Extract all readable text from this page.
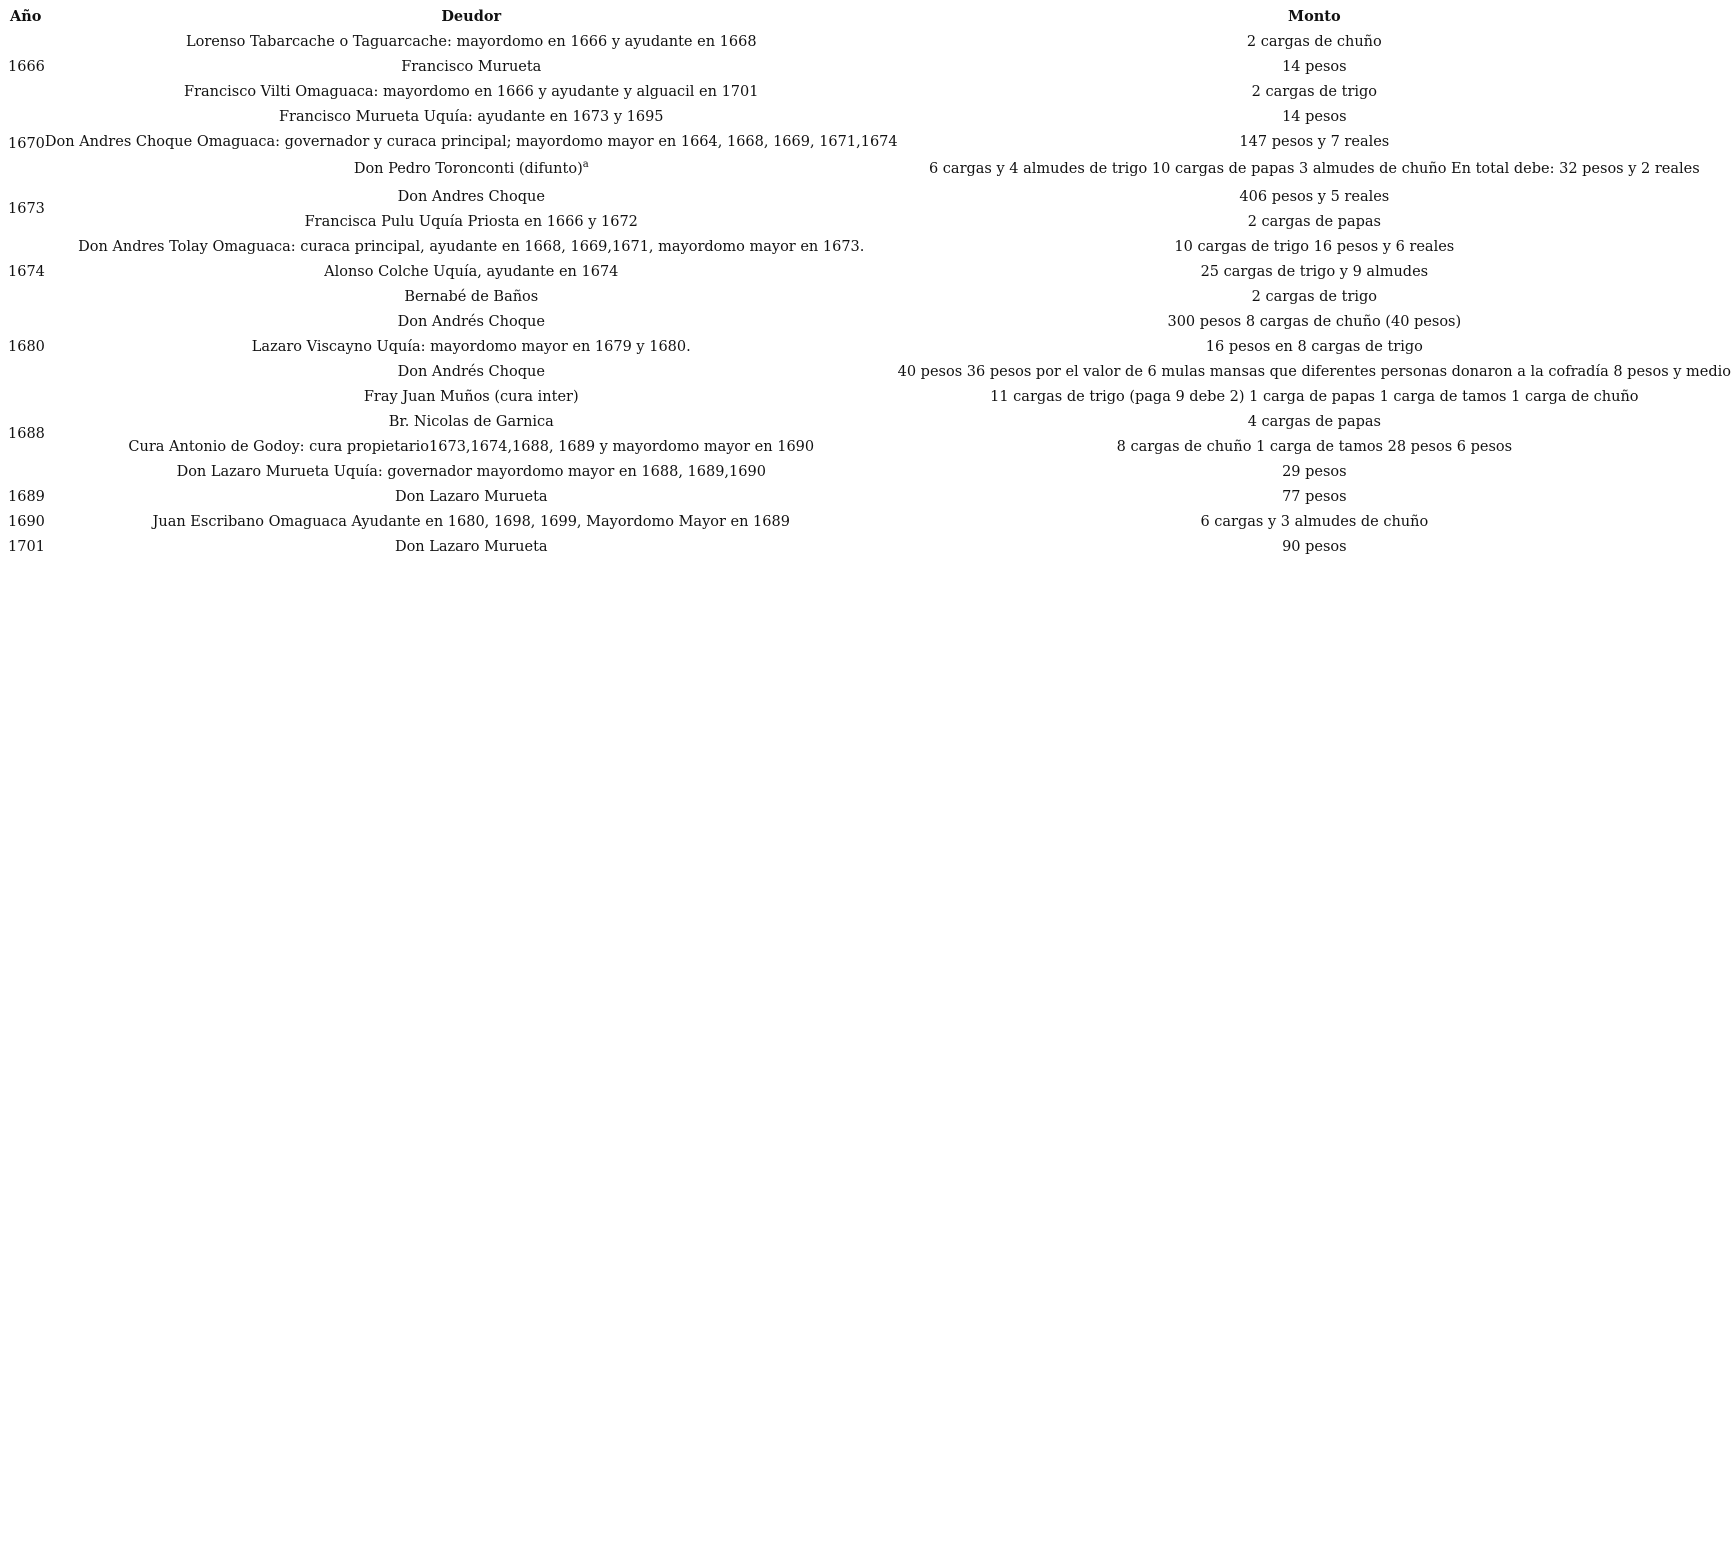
Año	Deudor	Monto
1666	Lorenso Tabarcache o Taguarcache: mayordomo en 1666 y ayudante en 1668	2 cargas de chuño
	Francisco Murueta	14 pesos
	Francisco Vilti Omaguaca: mayordomo en 1666 y ayudante y alguacil en 1701	2 cargas de trigo
1670	Francisco Murueta Uquía: ayudante en 1673 y 1695	14 pesos
	Don Andres Choque Omaguaca: governador y curaca principal; mayordomo mayor en 1664, 1668, 1669, 1671,1674	147 pesos y 7 reales
	Don Pedro Toronconti (difunto)$^a$	6 cargas y 4 almudes de trigo 10 cargas de papas 3 almudes de chuño En total debe: 32 pesos y 2 reales
1673	Don Andres Choque	406 pesos y 5 reales
	Francisca Pulu Uquía Priosta en 1666 y 1672	2 cargas de papas
1674	Don Andres Tolay Omaguaca: curaca principal, ayudante en 1668, 1669,1671, mayordomo mayor en 1673.	10 cargas de trigo 16 pesos y 6 reales
	Alonso Colche Uquía, ayudante en 1674	25 cargas de trigo y 9 almudes
	Bernabé de Baños	2 cargas de trigo
1680	Don Andrés Choque	300 pesos 8 cargas de chuño (40 pesos)
	Lazaro Viscayno Uquía: mayordomo mayor en 1679 y 1680.	16 pesos en 8 cargas de trigo
	Don Andrés Choque	40 pesos 36 pesos por el valor de 6 mulas mansas que diferentes personas donaron a la cofradía 8 pesos y medio
1688	Fray Juan Muños (cura inter)	11 cargas de trigo (paga 9 debe 2) 1 carga de papas 1 carga de tamos 1 carga de chuño
	Br. Nicolas de Garnica	4 cargas de papas
	Cura Antonio de Godoy: cura propietario1673,1674,1688, 1689 y mayordomo mayor en 1690	8 cargas de chuño 1 carga de tamos 28 pesos 6 pesos
	Don Lazaro Murueta Uquía: governador mayordomo mayor en 1688, 1689,1690	29 pesos
1689	Don Lazaro Murueta	77 pesos
1690	Juan Escribano Omaguaca Ayudante en 1680, 1698, 1699, Mayordomo Mayor en 1689	6 cargas y 3 almudes de chuño
1701	Don Lazaro Murueta	90 pesos
